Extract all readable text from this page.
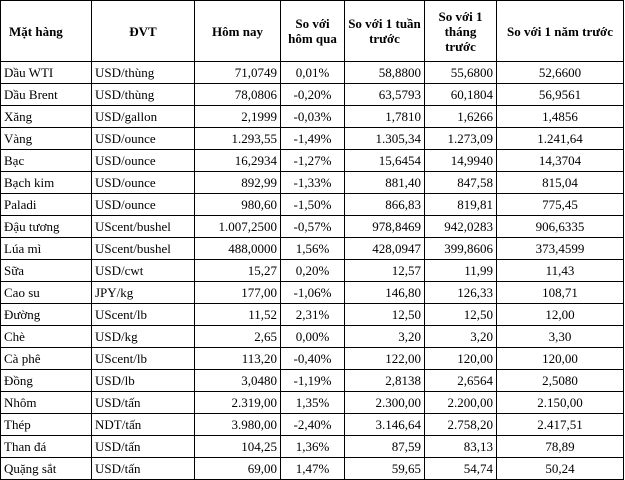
Mặt hàng	ĐVT	Hôm nay	So với hôm qua	So với 1 tuần trước	So với 1 tháng trước	So với 1 năm trước
Dầu WTI	USD/thùng	71,0749	0,01%	58,8800	55,6800	52,6600
Dầu Brent	USD/thùng	78,0806	-0,20%	63,5793	60,1804	56,9561
Xăng	USD/gallon	2,1999	-0,03%	1,7810	1,6266	1,4856
Vàng	USD/ounce	1.293,55	-1,49%	1.305,34	1.273,09	1.241,64
Bạc	USD/ounce	16,2934	-1,27%	15,6454	14,9940	14,3704
Bạch kim	USD/ounce	892,99	-1,33%	881,40	847,58	815,04
Paladi	USD/ounce	980,60	-1,50%	866,83	819,81	775,45
Đậu tương	UScent/bushel	1.007,2500	-0,57%	978,8469	942,0283	906,6335
Lúa mì	UScent/bushel	488,0000	1,56%	428,0947	399,8606	373,4599
Sữa	USD/cwt	15,27	0,20%	12,57	11,99	11,43
Cao su	JPY/kg	177,00	-1,06%	146,80	126,33	108,71
Đường	UScent/lb	11,52	2,31%	12,50	12,50	12,00
Chè	USD/kg	2,65	0,00%	3,20	3,20	3,30
Cà phê	UScent/lb	113,20	-0,40%	122,00	120,00	120,00
Đồng	USD/lb	3,0480	-1,19%	2,8138	2,6564	2,5080
Nhôm	USD/tấn	2.319,00	1,35%	2.300,00	2.200,00	2.150,00
Thép	NDT/tấn	3.980,00	-2,40%	3.146,64	2.758,20	2.417,51
Than đá	USD/tấn	104,25	1,36%	87,59	83,13	78,89
Quặng sắt	USD/tấn	69,00	1,47%	59,65	54,74	50,24
